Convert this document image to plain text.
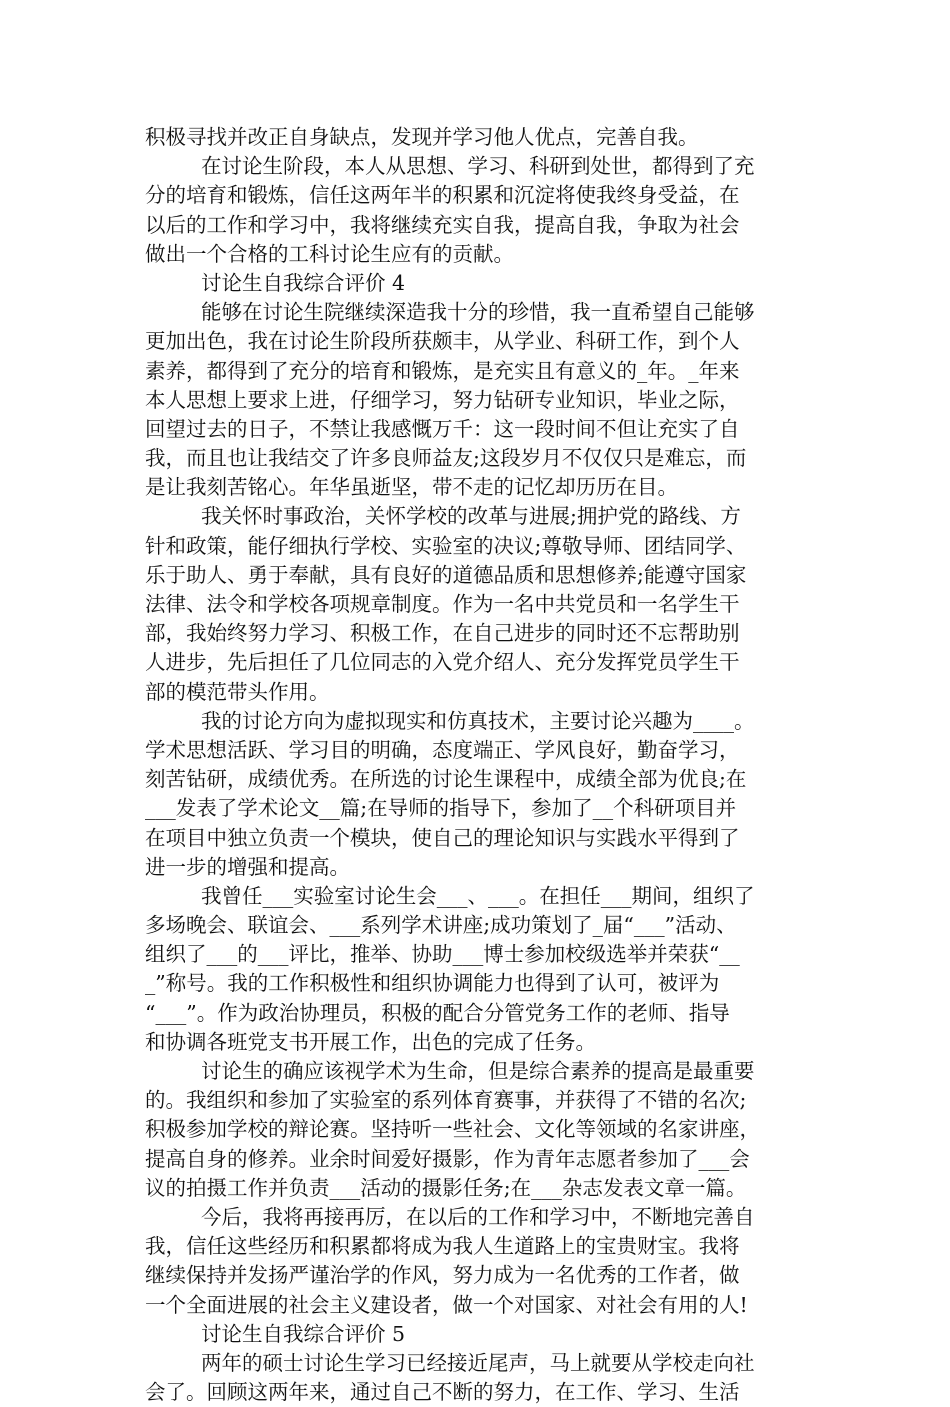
积极寻找并改正自身缺点，发现并学习他人优点，完善自我。
在讨论生阶段，本人从思想、学习、科研到处世，都得到了充
分的培育和锻炼，信任这两年半的积累和沉淀将使我终身受益，在
以后的工作和学习中，我将继续充实自我，提高自我，争取为社会
做出一个合格的工科讨论生应有的贡献。
讨论生自我综合评价 4
能够在讨论生院继续深造我十分的珍惜，我一直希望自己能够
更加出色，我在讨论生阶段所获颇丰，从学业、科研工作，到个人
素养，都得到了充分的培育和锻炼，是充实且有意义的_年。_年来
本人思想上要求上进，仔细学习，努力钻研专业知识，毕业之际，
回望过去的日子，不禁让我感慨万千：这一段时间不但让充实了自
我，而且也让我结交了许多良师益友;这段岁月不仅仅只是难忘，而
是让我刻苦铭心。年华虽逝坚，带不走的记忆却历历在目。
我关怀时事政治，关怀学校的改革与进展;拥护党的路线、方
针和政策，能仔细执行学校、实验室的决议;尊敬导师、团结同学、
乐于助人、勇于奉献，具有良好的道德品质和思想修养;能遵守国家
法律、法令和学校各项规章制度。作为一名中共党员和一名学生干
部，我始终努力学习、积极工作，在自己进步的同时还不忘帮助别
人进步，先后担任了几位同志的入党介绍人、充分发挥党员学生干
部的模范带头作用。
我的讨论方向为虚拟现实和仿真技术，主要讨论兴趣为____。
学术思想活跃、学习目的明确，态度端正、学风良好，勤奋学习，
刻苦钻研，成绩优秀。在所选的讨论生课程中，成绩全部为优良;在
___发表了学术论文__篇;在导师的指导下，参加了__个科研项目并
在项目中独立负责一个模块，使自己的理论知识与实践水平得到了
进一步的增强和提高。
我曾任___实验室讨论生会___、___。在担任___期间，组织了
多场晚会、联谊会、___系列学术讲座;成功策划了_届“___”活动、
组织了___的___评比，推举、协助___博士参加校级选举并荣获“__
_”称号。我的工作积极性和组织协调能力也得到了认可，被评为
“___”。作为政治协理员，积极的配合分管党务工作的老师、指导
和协调各班党支书开展工作，出色的完成了任务。
讨论生的确应该视学术为生命，但是综合素养的提高是最重要
的。我组织和参加了实验室的系列体育赛事，并获得了不错的名次;
积极参加学校的辩论赛。坚持听一些社会、文化等领域的名家讲座，
提高自身的修养。业余时间爱好摄影，作为青年志愿者参加了___会
议的拍摄工作并负责___活动的摄影任务;在___杂志发表文章一篇。
今后，我将再接再厉，在以后的工作和学习中，不断地完善自
我，信任这些经历和积累都将成为我人生道路上的宝贵财宝。我将
继续保持并发扬严谨治学的作风，努力成为一名优秀的工作者，做
一个全面进展的社会主义建设者，做一个对国家、对社会有用的人!
讨论生自我综合评价 5
两年的硕士讨论生学习已经接近尾声，马上就要从学校走向社
会了。回顾这两年来，通过自己不断的努力，在工作、学习、生活
